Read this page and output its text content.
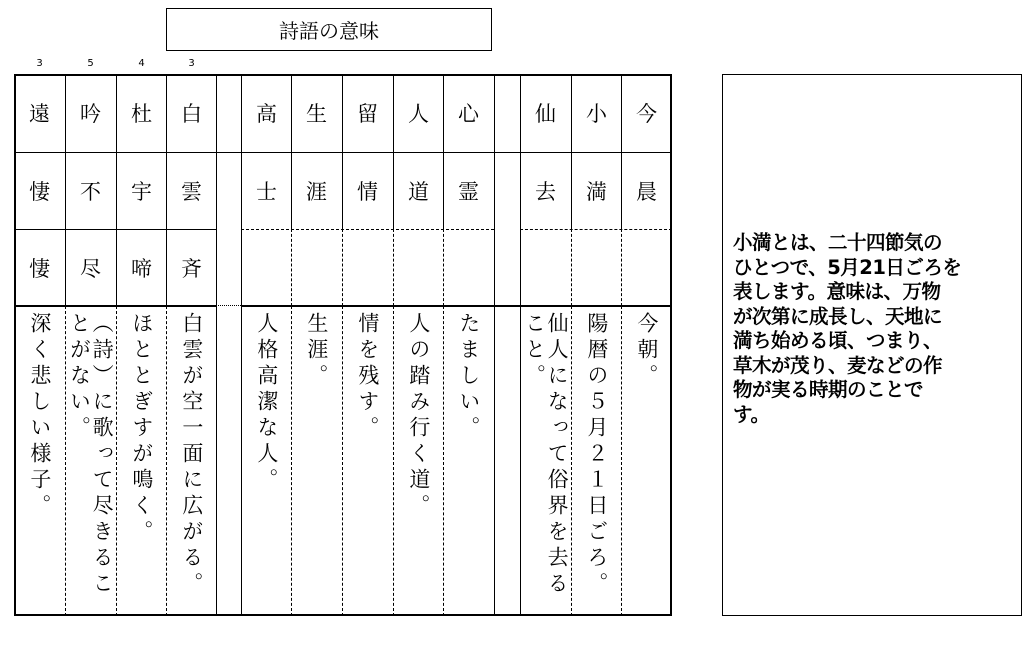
詩語の意味
3
遠
悽
悽
深く悲しい様子。
5
吟
不
尽
（詩）に歌って尽きることがない。
4
杜
宇
啼
ほととぎすが鳴く。
3
白
雲
斉
白雲が空一面に広がる。
高
士
人格高潔な人。
生
涯
生涯。
留
情
情を残す。
人
道
人の踏み行く道。
心
霊
たましい。
仙
去
仙人になって俗界を去ること。
小
満
陽暦の５月２１日ごろ。
今
晨
今朝。
小満とは、二十四節気の
ひとつで、5月21日ごろを
表します。意味は、万物
が次第に成長し、天地に
満ち始める頃、つまり、
草木が茂り、麦などの作
物が実る時期のことで
す。
